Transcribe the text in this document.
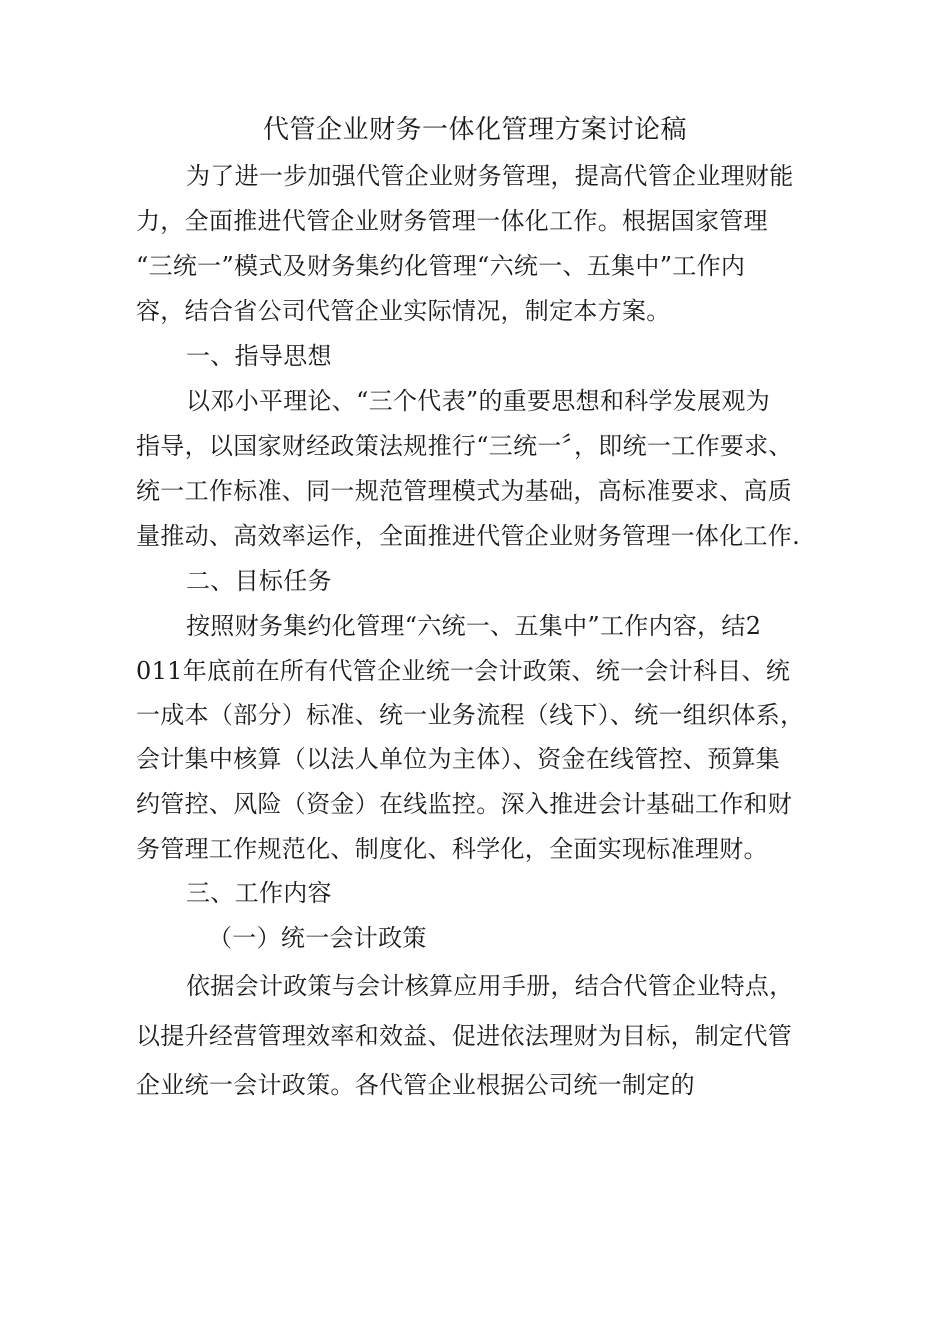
代管企业财务一体化管理方案讨论稿
为了进一步加强代管企业财务管理，提高代管企业理财能
力，全面推进代管企业财务管理一体化工作。根据国家管理
“三统一”模式及财务集约化管理“六统一、五集中”工作内
容，结合省公司代管企业实际情况，制定本方案。
一、指导思想
以邓小平理论、“三个代表”的重要思想和科学发展观为
指导，以国家财经政策法规推行“三统一〞，即统一工作要求、
统一工作标准、同一规范管理模式为基础，高标准要求、高质
量推动、高效率运作，全面推进代管企业财务管理一体化工作.
二、目标任务
按照财务集约化管理“六统一、五集中”工作内容，结2
011年底前在所有代管企业统一会计政策、统一会计科目、统
一成本（部分）标准、统一业务流程（线下）、统一组织体系，
会计集中核算（以法人单位为主体）、资金在线管控、预算集
约管控、风险（资金）在线监控。深入推进会计基础工作和财
务管理工作规范化、制度化、科学化，全面实现标准理财。
三、工作内容
（一）统一会计政策
依据会计政策与会计核算应用手册，结合代管企业特点，
以提升经营管理效率和效益、促进依法理财为目标，制定代管
企业统一会计政策。各代管企业根据公司统一制定的
